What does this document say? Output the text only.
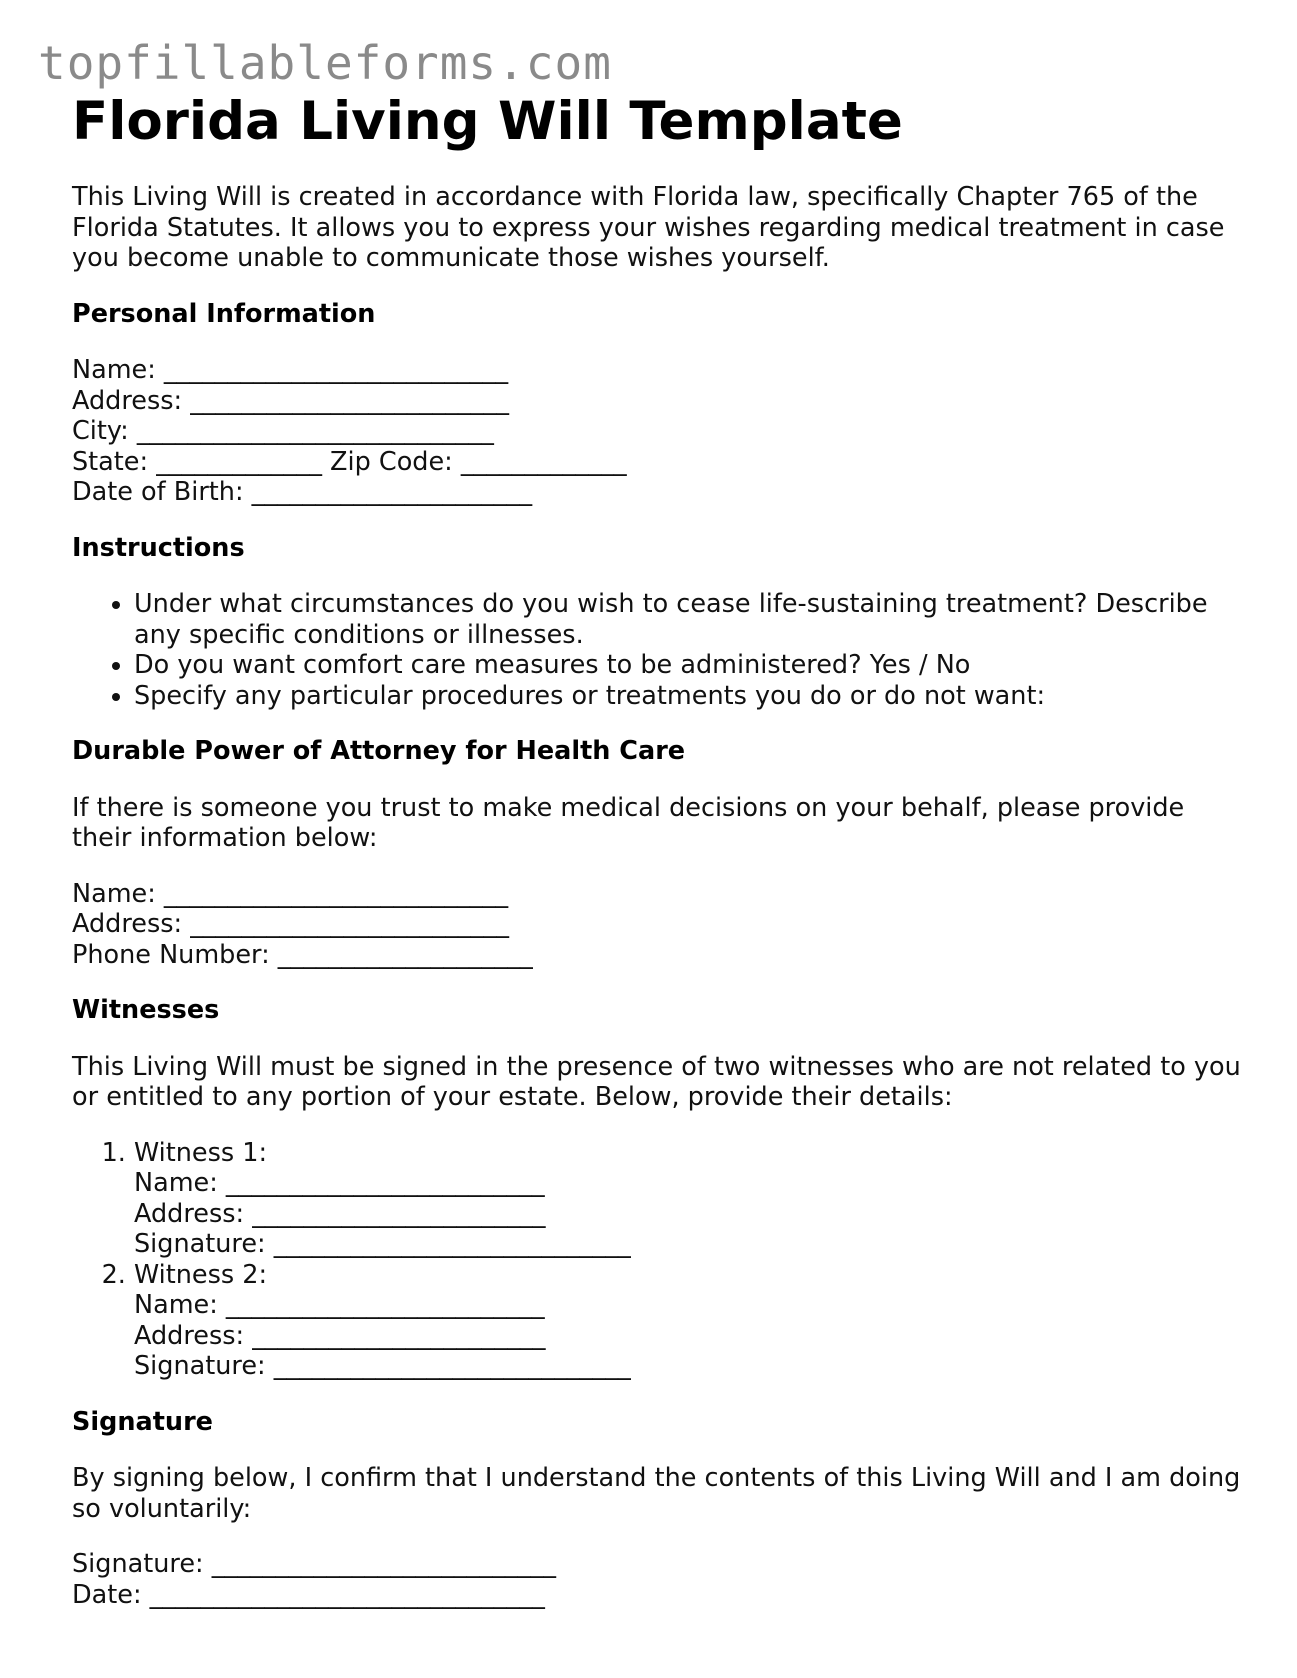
topfillableforms.com
Florida Living Will Template

This Living Will is created in accordance with Florida law, specifically Chapter 765 of the Florida Statutes. It allows you to express your wishes regarding medical treatment in case you become unable to communicate those wishes yourself.

Personal Information
Name: ___________________________
Address: _________________________
City: ____________________________
State: _____________ Zip Code: _____________
Date of Birth: ______________________
Instructions
• Under what circumstances do you wish to cease life-sustaining treatment? Describe any specific conditions or illnesses.
• Do you want comfort care measures to be administered? Yes / No
• Specify any particular procedures or treatments you do or do not want:
Durable Power of Attorney for Health Care

If there is someone you trust to make medical decisions on your behalf, please provide their information below:

Name: ___________________________
Address: _________________________
Phone Number: ____________________
Witnesses

This Living Will must be signed in the presence of two witnesses who are not related to you or entitled to any portion of your estate. Below, provide their details:

1. Witness 1:
Name: _________________________
Address: _______________________
Signature: ____________________________
2. Witness 2:
Name: _________________________
Address: _______________________
Signature: ____________________________
Signature

By signing below, I confirm that I understand the contents of this Living Will and I am doing so voluntarily:

Signature: ___________________________
Date: _______________________________
